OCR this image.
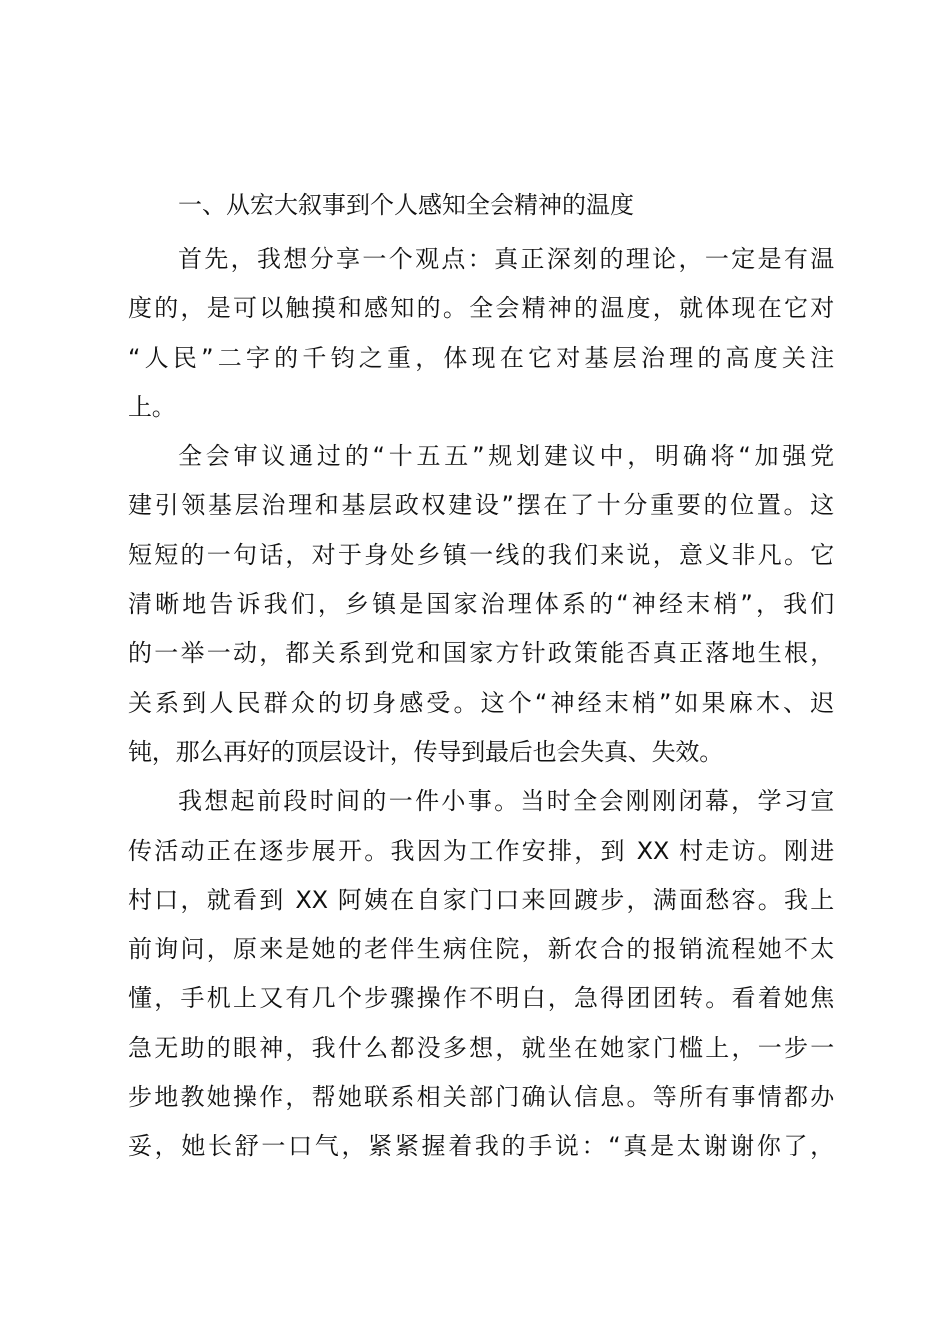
一、从宏大叙事到个人感知全会精神的温度
首先，我想分享一个观点：真正深刻的理论，一定是有温
度的，是可以触摸和感知的。全会精神的温度，就体现在它对
“人民”二字的千钧之重，体现在它对基层治理的高度关注
上。
全会审议通过的“十五五”规划建议中，明确将“加强党
建引领基层治理和基层政权建设”摆在了十分重要的位置。这
短短的一句话，对于身处乡镇一线的我们来说，意义非凡。它
清晰地告诉我们，乡镇是国家治理体系的“神经末梢”，我们
的一举一动，都关系到党和国家方针政策能否真正落地生根，
关系到人民群众的切身感受。这个“神经末梢”如果麻木、迟
钝，那么再好的顶层设计，传导到最后也会失真、失效。
我想起前段时间的一件小事。当时全会刚刚闭幕，学习宣
传活动正在逐步展开。我因为工作安排，到 XX 村走访。刚进
村口，就看到 XX 阿姨在自家门口来回踱步，满面愁容。我上
前询问，原来是她的老伴生病住院，新农合的报销流程她不太
懂，手机上又有几个步骤操作不明白，急得团团转。看着她焦
急无助的眼神，我什么都没多想，就坐在她家门槛上，一步一
步地教她操作，帮她联系相关部门确认信息。等所有事情都办
妥，她长舒一口气，紧紧握着我的手说：“真是太谢谢你了，
